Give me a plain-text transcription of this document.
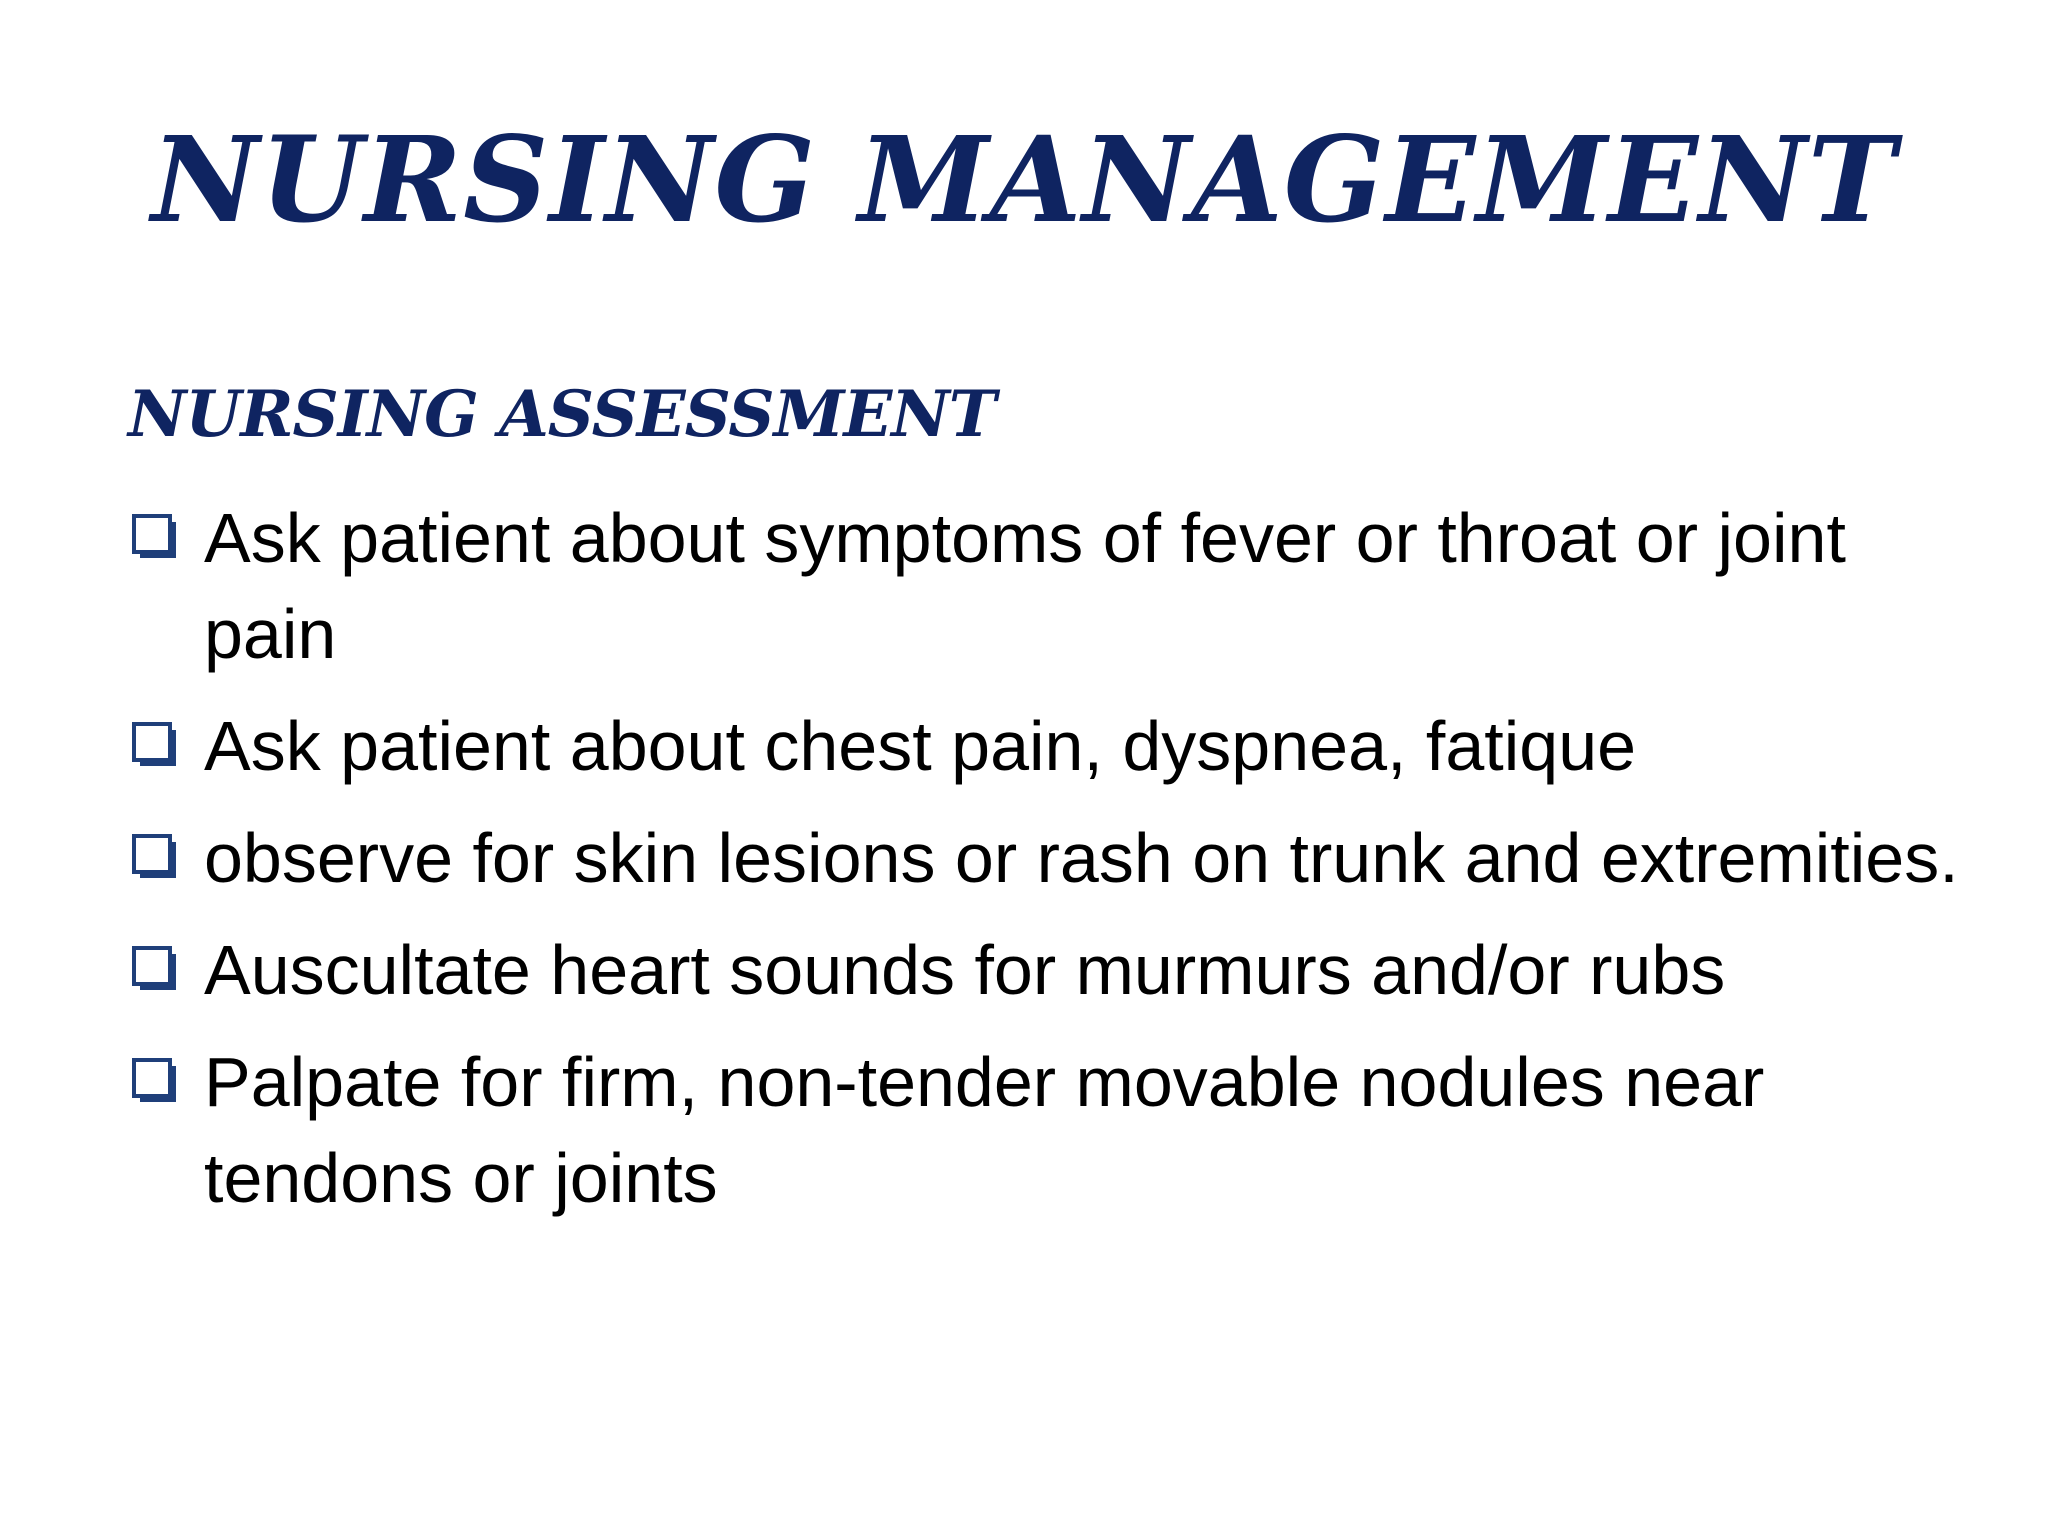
NURSING MANAGEMENT
NURSING ASSESSMENT
Ask patient about symptoms of fever or throat or joint pain
Ask patient about chest pain, dyspnea, fatique
observe for skin lesions or rash on trunk and extremities.
Auscultate heart sounds for murmurs and/or rubs
Palpate for firm, non-tender movable nodules near tendons or joints
